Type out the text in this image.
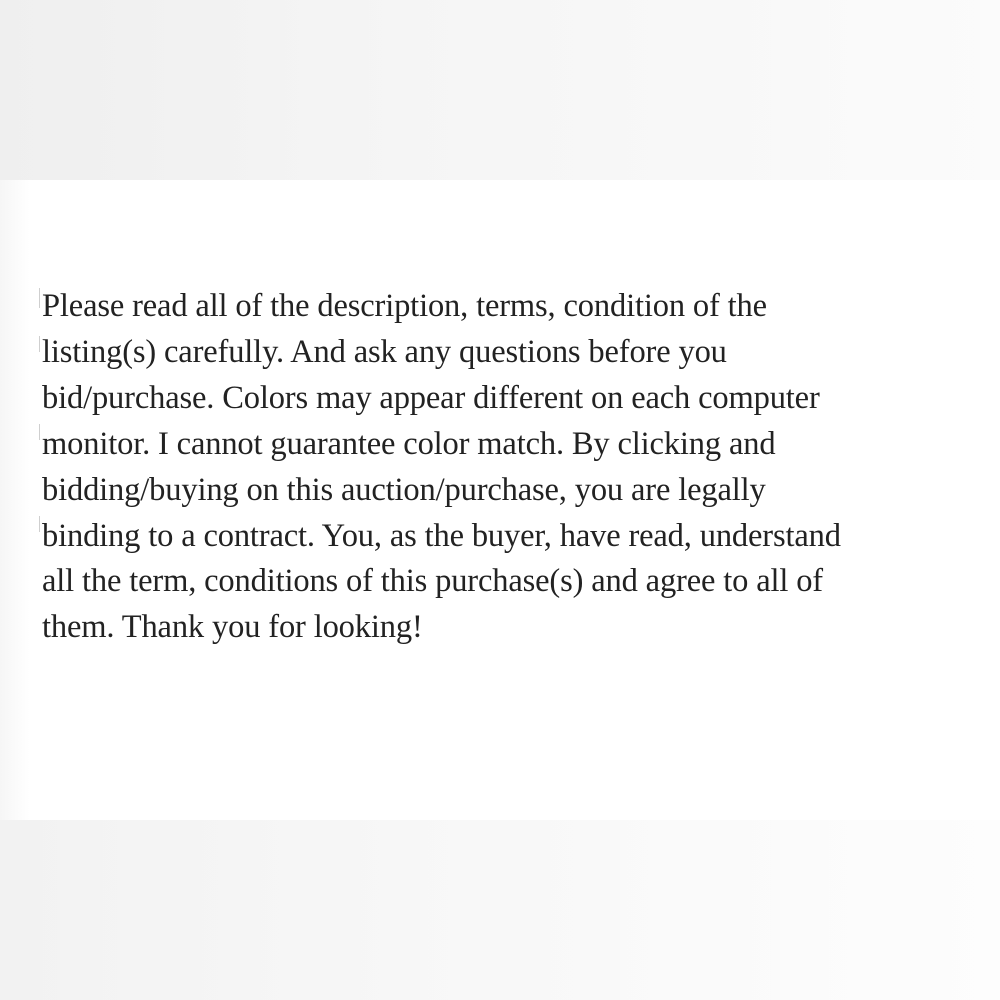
Please read all of the description, terms, condition of the
listing(s) carefully. And ask any questions before you
bid/purchase. Colors may appear different on each computer
monitor. I cannot guarantee color match. By clicking and
bidding/buying on this auction/purchase, you are legally
binding to a contract. You, as the buyer, have read, understand
all the term, conditions of this purchase(s) and agree to all of
them. Thank you for looking!
